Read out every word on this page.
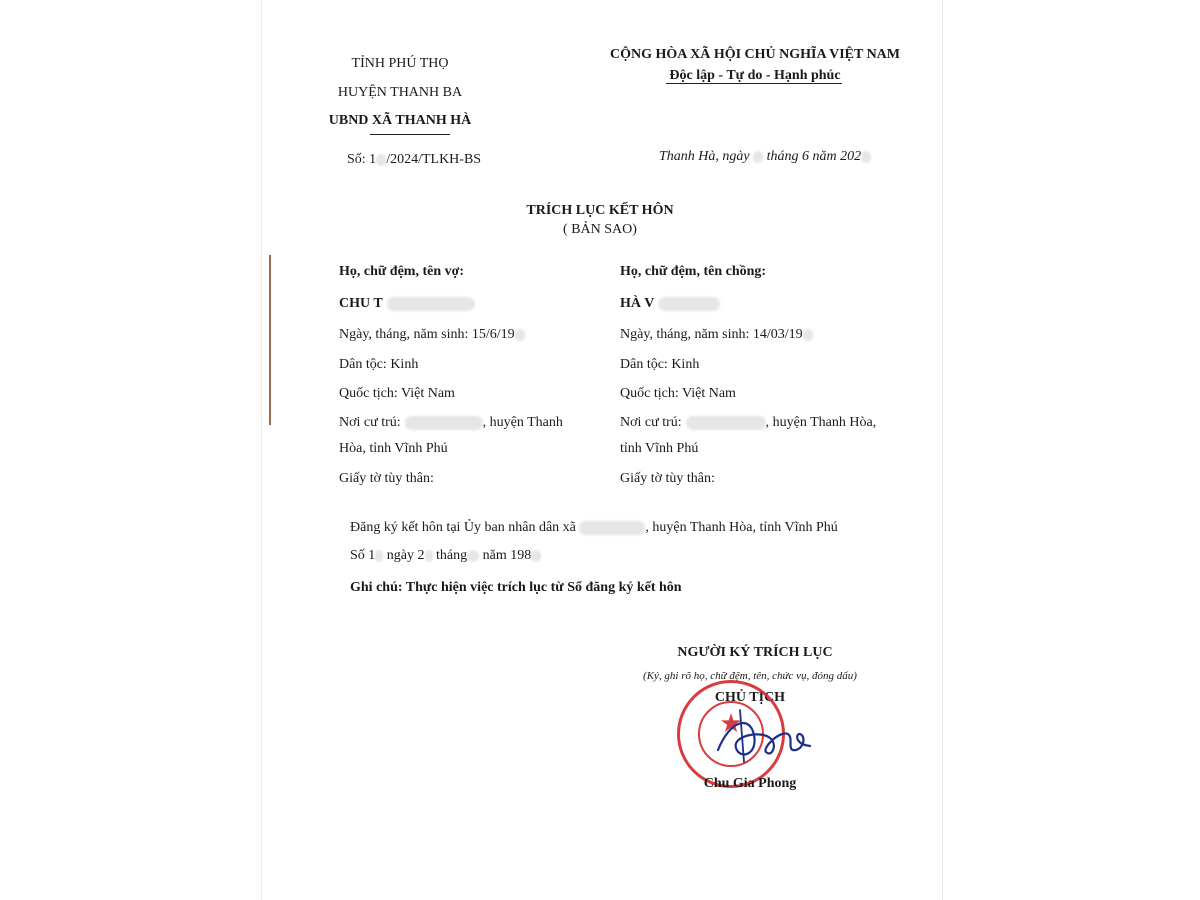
TỈNH PHÚ THỌ
HUYỆN THANH BA
UBND XÃ THANH HÀ
Số: 1 /2024/TLKH-BS
CỘNG HÒA XÃ HỘI CHỦ NGHĨA VIỆT NAM
Độc lập - Tự do - Hạnh phúc
Thanh Hà, ngày tháng 6 năm 202
TRÍCH LỤC KẾT HÔN
( BẢN SAO)
Họ, chữ đệm, tên vợ:
CHU T
Ngày, tháng, năm sinh: 15/6/19
Dân tộc: Kinh
Quốc tịch: Việt Nam
Nơi cư trú:	, huyện Thanh
Hòa, tỉnh Vĩnh Phú
Giấy tờ tùy thân:
Họ, chữ đệm, tên chồng:
HÀ V
Ngày, tháng, năm sinh: 14/03/19
Dân tộc: Kinh
Quốc tịch: Việt Nam
Nơi cư trú:	, huyện Thanh Hòa,
tỉnh Vĩnh Phú
Giấy tờ tùy thân:
Đăng ký kết hôn tại Ủy ban nhân dân xã	, huyện Thanh Hòa, tỉnh Vĩnh Phú
Số 1 ngày 2 tháng năm 198
Ghi chú: Thực hiện việc trích lục từ Sổ đăng ký kết hôn
NGƯỜI KÝ TRÍCH LỤC
(Ký, ghi rõ họ, chữ đệm, tên, chức vụ, đóng dấu)
CHỦ TỊCH
★
Chu Gia Phong
